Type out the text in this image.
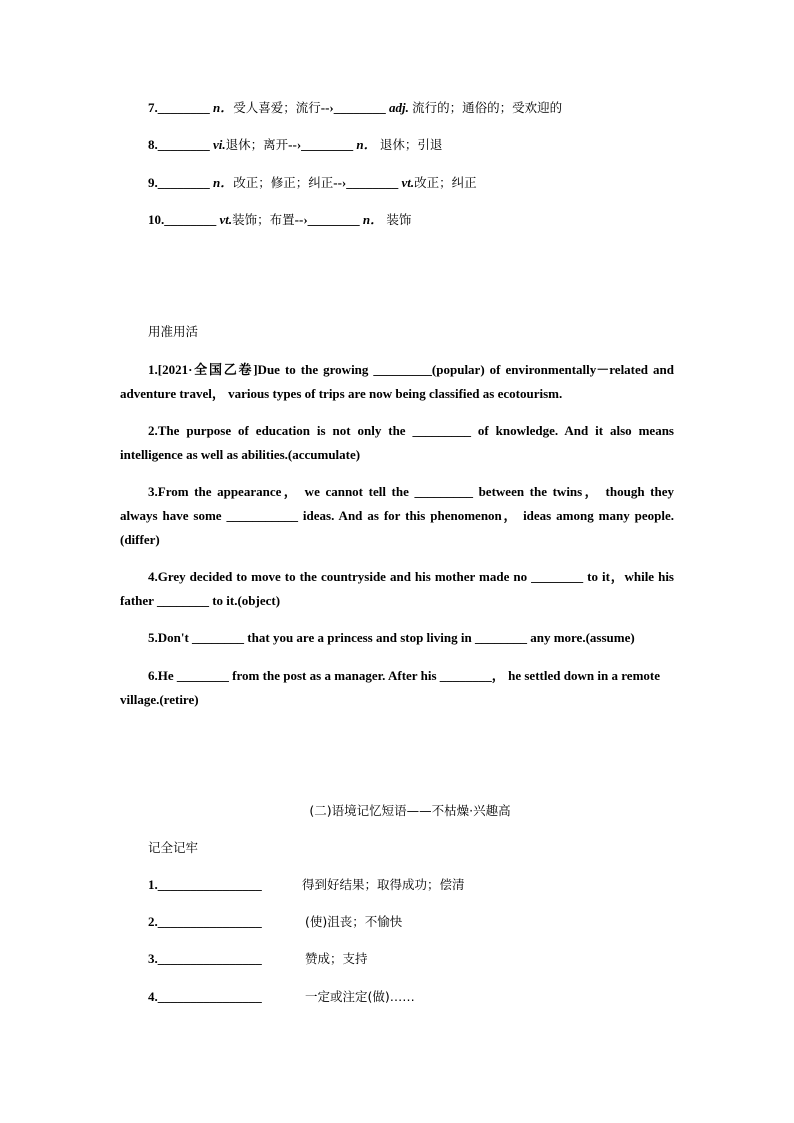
7.________ n．受人喜爱；流行--›________ adj. 流行的；通俗的；受欢迎的
8.________ vi.退休；离开--›________ n． 退休；引退
9.________ n．改正；修正；纠正--›________ vt.改正；纠正
10.________ vt.装饰；布置--›________ n． 装饰
用准用活
1.[2021·全国乙卷]Due to the growing _________(popular) of environmentally－related and adventure travel， various types of trips are now being classified as ecotourism.
2.The purpose of education is not only the _________ of knowledge. And it also means intelligence as well as abilities.(accumulate)
3.From the appearance， we cannot tell the _________ between the twins， though they always have some ___________ ideas. And as for this phenomenon， ideas among many people.(differ)
4.Grey decided to move to the countryside and his mother made no ________ to it，while his father ________ to it.(object)
5.Don't ________ that you are a princess and stop living in ________ any more.(assume)
6.He ________ from the post as a manager. After his ________， he settled down in a remote village.(retire)
(二)语境记忆短语——不枯燥·兴趣高
记全记牢
1.________________	得到好结果；取得成功；偿清
2.________________	(使)沮丧；不愉快
3.________________	赞成；支持
4.________________	一定或注定(做)……
